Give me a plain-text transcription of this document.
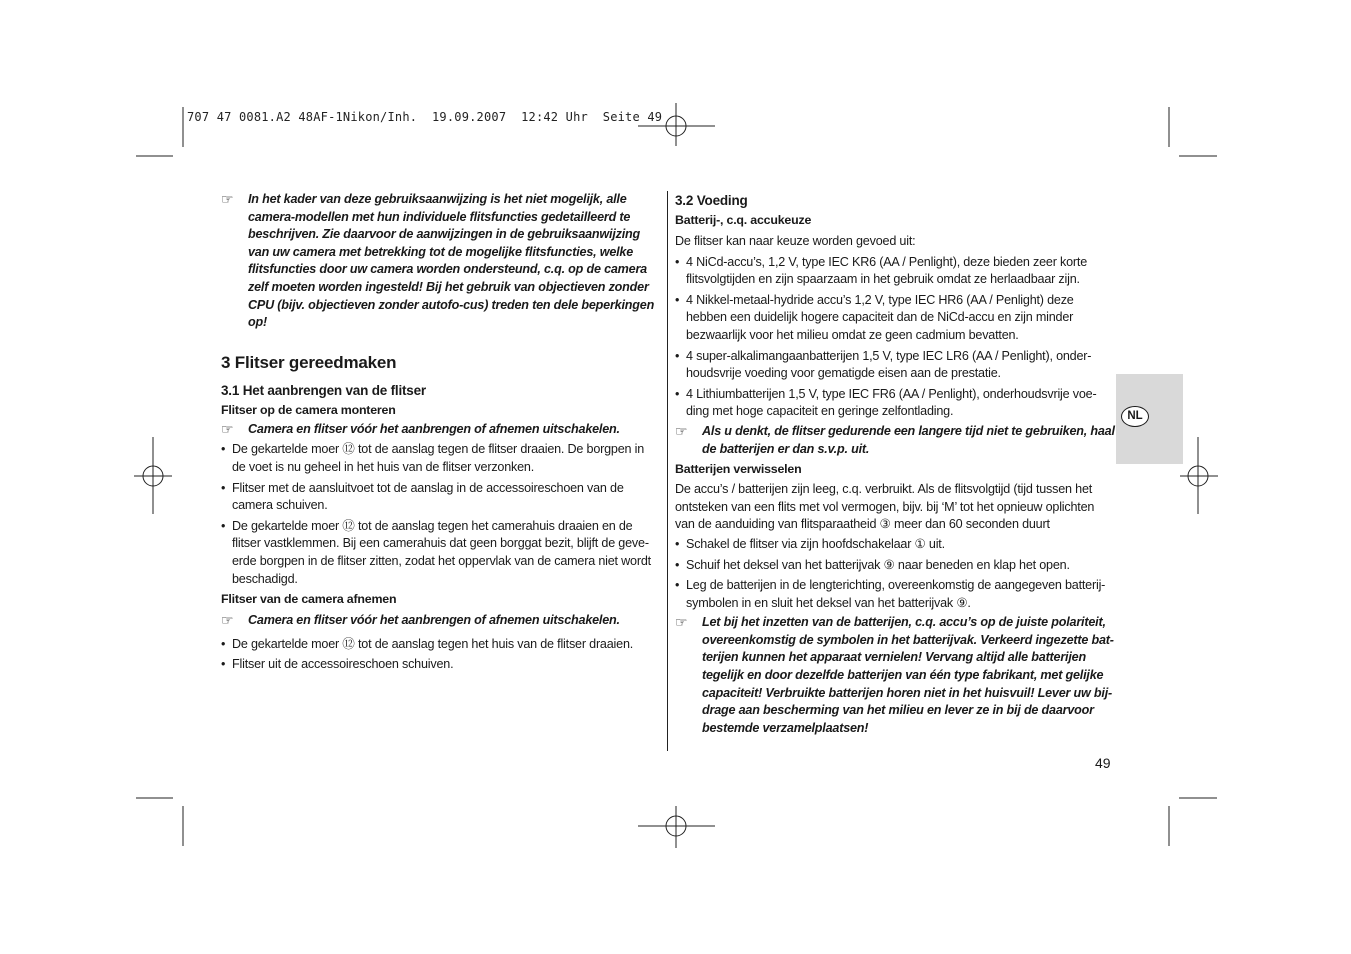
707 47 0081.A2 48AF-1Nikon/Inh.  19.09.2007  12:42 Uhr  Seite 49
NL

☞ In het kader van deze gebruiksaanwijzing is het niet mogelijk, alle camera-modellen met hun individuele flitsfuncties gedetailleerd te beschrijven. Zie daarvoor de aanwijzingen in de gebruiksaanwijzing van uw camera met betrekking tot de mogelijke flitsfuncties, welke flitsfuncties door uw camera worden ondersteund, c.q. op de camera zelf moeten worden ingesteld! Bij het gebruik van objectieven zonder CPU (bijv. objectieven zonder autofo-cus) treden ten dele beperkingen op!

3 Flitser gereedmaken

3.1 Het aanbrengen van de flitser

Flitser op de camera monteren

☞ Camera en flitser vóór het aanbrengen of afnemen uitschakelen.

• De gekartelde moer ⑫ tot de aanslag tegen de flitser draaien. De borgpen in de voet is nu geheel in het huis van de flitser verzonken.

• Flitser met de aansluitvoet tot de aanslag in de accessoireschoen van de camera schuiven.

• De gekartelde moer ⑫ tot de aanslag tegen het camerahuis draaien en de flitser vastklemmen. Bij een camerahuis dat geen borggat bezit, blijft de geve-erde borgpen in de flitser zitten, zodat het oppervlak van de camera niet wordt beschadigd.

Flitser van de camera afnemen

☞ Camera en flitser vóór het aanbrengen of afnemen uitschakelen.

• De gekartelde moer ⑫ tot de aanslag tegen het huis van de flitser draaien.

• Flitser uit de accessoireschoen schuiven.

3.2 Voeding

Batterij-, c.q. accukeuze

De flitser kan naar keuze worden gevoed uit:

• 4 NiCd-accu’s, 1,2 V, type IEC KR6 (AA / Penlight), deze bieden zeer korte flitsvolgtijden en zijn spaarzaam in het gebruik omdat ze herlaadbaar zijn.

• 4 Nikkel-metaal-hydride accu’s 1,2 V, type IEC HR6 (AA / Penlight) deze hebben een duidelijk hogere capaciteit dan de NiCd-accu en zijn minder bezwaarlijk voor het milieu omdat ze geen cadmium bevatten.

• 4 super-alkalimangaanbatterijen 1,5 V, type IEC LR6 (AA / Penlight), onder-houdsvrije voeding voor gematigde eisen aan de prestatie.

• 4 Lithiumbatterijen 1,5 V, type IEC FR6 (AA / Penlight), onderhoudsvrije voe-ding met hoge capaciteit en geringe zelfontlading.

☞ Als u denkt, de flitser gedurende een langere tijd niet te gebruiken, haal de batterijen er dan s.v.p. uit.

Batterijen verwisselen

De accu’s / batterijen zijn leeg, c.q. verbruikt. Als de flitsvolgtijd (tijd tussen het ontsteken van een flits met vol vermogen, bijv. bij ‘M’ tot het opnieuw oplichten van de aanduiding van flitsparaatheid ③ meer dan 60 seconden duurt

• Schakel de flitser via zijn hoofdschakelaar ① uit.

• Schuif het deksel van het batterijvak ⑨ naar beneden en klap het open.

• Leg de batterijen in de lengterichting, overeenkomstig de aangegeven batterij-symbolen in en sluit het deksel van het batterijvak ⑨.

☞ Let bij het inzetten van de batterijen, c.q. accu’s op de juiste polariteit, overeenkomstig de symbolen in het batterijvak. Verkeerd ingezette bat-terijen kunnen het apparaat vernielen! Vervang altijd alle batterijen tegelijk en door dezelfde batterijen van één type fabrikant, met gelijke capaciteit! Verbruikte batterijen horen niet in het huisvuil! Lever uw bij-drage aan bescherming van het milieu en lever ze in bij de daarvoor bestemde verzamelplaatsen!

49
